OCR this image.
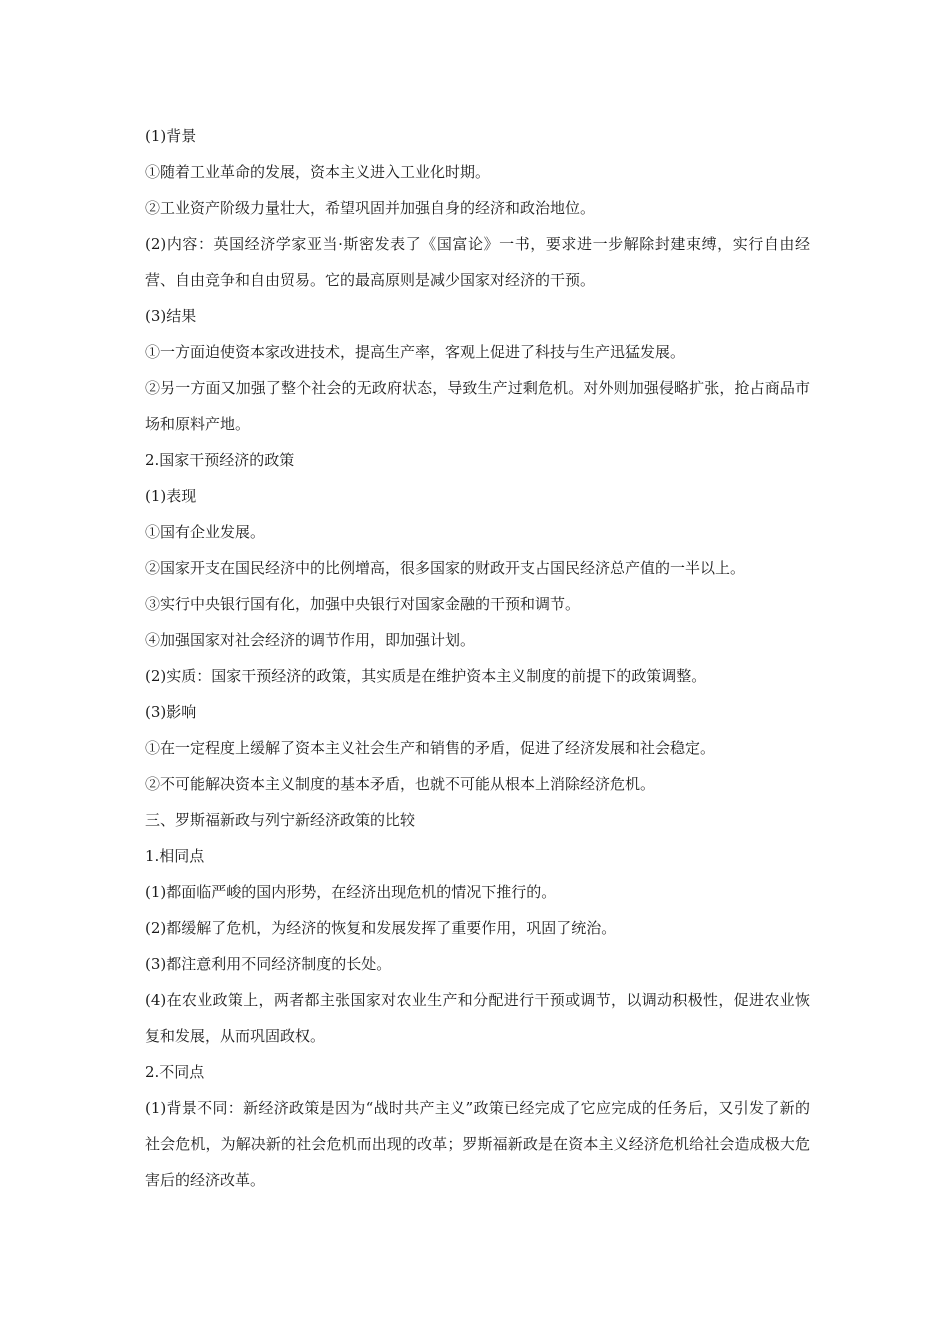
(1)背景

①随着工业革命的发展，资本主义进入工业化时期。

②工业资产阶级力量壮大，希望巩固并加强自身的经济和政治地位。

(2)内容：英国经济学家亚当·斯密发表了《国富论》一书，要求进一步解除封建束缚，实行自由经营、自由竞争和自由贸易。它的最高原则是减少国家对经济的干预。

(3)结果

①一方面迫使资本家改进技术，提高生产率，客观上促进了科技与生产迅猛发展。

②另一方面又加强了整个社会的无政府状态，导致生产过剩危机。对外则加强侵略扩张，抢占商品市场和原料产地。

2.国家干预经济的政策

(1)表现

①国有企业发展。

②国家开支在国民经济中的比例增高，很多国家的财政开支占国民经济总产值的一半以上。

③实行中央银行国有化，加强中央银行对国家金融的干预和调节。

④加强国家对社会经济的调节作用，即加强计划。

(2)实质：国家干预经济的政策，其实质是在维护资本主义制度的前提下的政策调整。

(3)影响

①在一定程度上缓解了资本主义社会生产和销售的矛盾，促进了经济发展和社会稳定。

②不可能解决资本主义制度的基本矛盾，也就不可能从根本上消除经济危机。

三、罗斯福新政与列宁新经济政策的比较

1.相同点

(1)都面临严峻的国内形势，在经济出现危机的情况下推行的。

(2)都缓解了危机，为经济的恢复和发展发挥了重要作用，巩固了统治。

(3)都注意利用不同经济制度的长处。

(4)在农业政策上，两者都主张国家对农业生产和分配进行干预或调节，以调动积极性，促进农业恢复和发展，从而巩固政权。

2.不同点

(1)背景不同：新经济政策是因为“战时共产主义”政策已经完成了它应完成的任务后，又引发了新的社会危机，为解决新的社会危机而出现的改革；罗斯福新政是在资本主义经济危机给社会造成极大危害后的经济改革。
